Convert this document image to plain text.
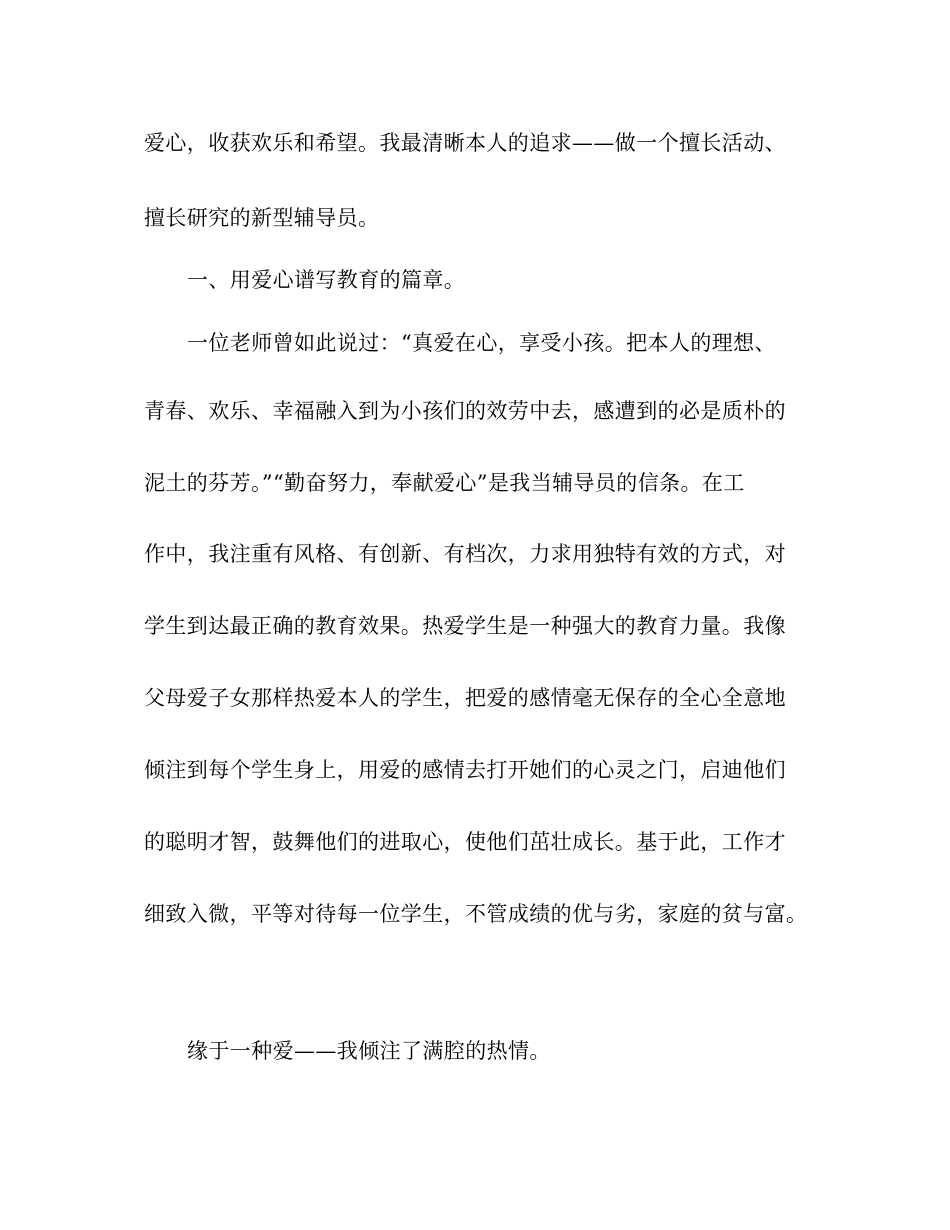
爱心，收获欢乐和希望。我最清晰本人的追求——做一个擅长活动、
擅长研究的新型辅导员。
一、用爱心谱写教育的篇章。
一位老师曾如此说过：“真爱在心，享受小孩。把本人的理想、
青春、欢乐、幸福融入到为小孩们的效劳中去，感遭到的必是质朴的
泥土的芬芳。”“勤奋努力，奉献爱心”是我当辅导员的信条。在工
作中，我注重有风格、有创新、有档次，力求用独特有效的方式，对
学生到达最正确的教育效果。热爱学生是一种强大的教育力量。我像
父母爱子女那样热爱本人的学生，把爱的感情毫无保存的全心全意地
倾注到每个学生身上，用爱的感情去打开她们的心灵之门，启迪他们
的聪明才智，鼓舞他们的进取心，使他们茁壮成长。基于此，工作才
细致入微，平等对待每一位学生，不管成绩的优与劣，家庭的贫与富。
缘于一种爱——我倾注了满腔的热情。
